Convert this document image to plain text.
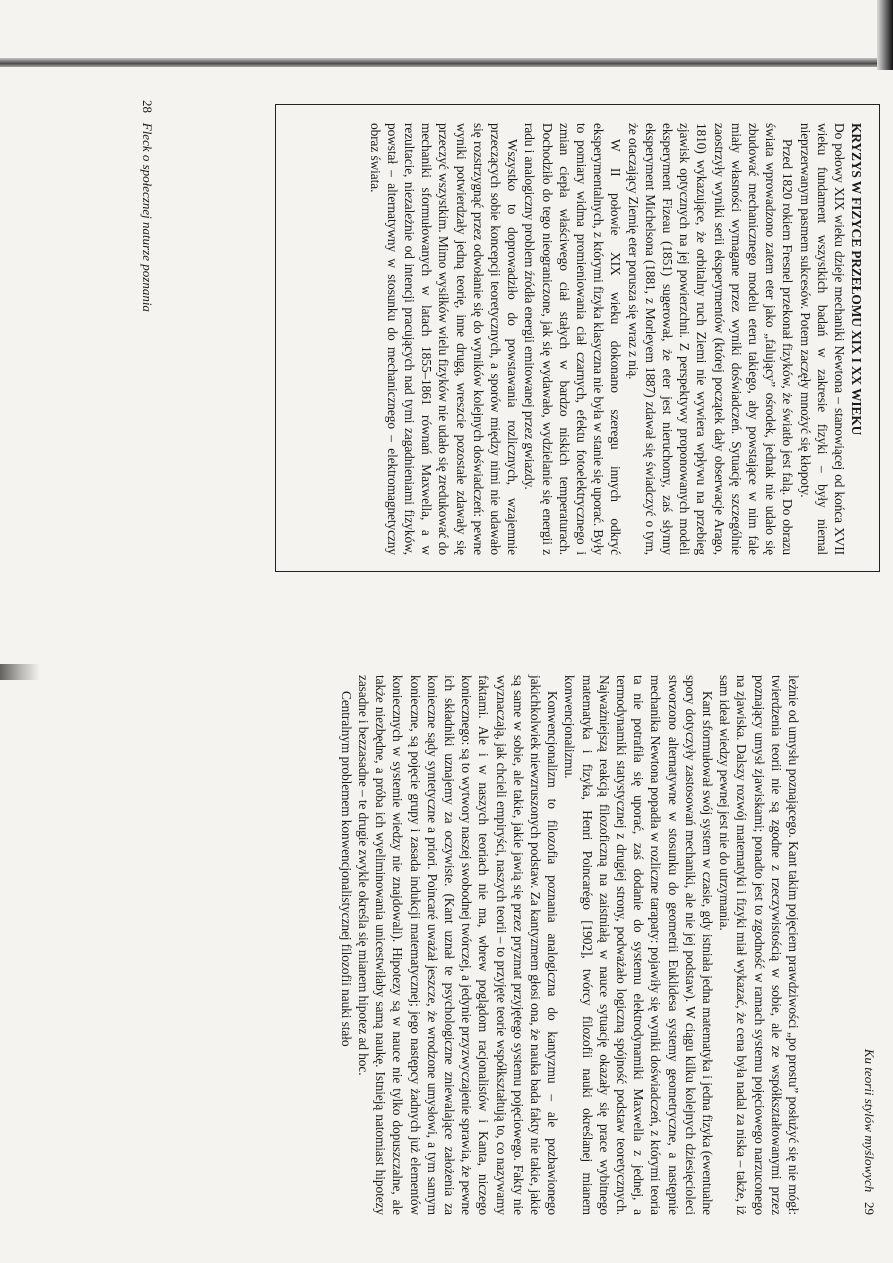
KRYZYS W FIZYCE PRZEŁOMU XIX I XX WIEKU

Do połowy XIX wieku dzieje mechaniki Newtona – stanowiącej od końca XVII wieku fundament wszystkich badań w zakresie fizyki – były niemal nieprzerwanym pasmem sukcesów. Potem zaczęły mnożyć się kłopoty.

Przed 1820 rokiem Fresnel przekonał fizyków, że światło jest falą. Do obrazu świata wprowadzono zatem eter jako „falujący” ośrodek, jednak nie udało się zbudować mechanicznego modelu eteru takiego, aby powstające w nim fale miały własności wymagane przez wyniki doświadczeń. Sytuację szczególnie zaostrzyły wyniki serii eksperymentów (której początek dały obserwacje Arago, 1810) wykazujące, że orbitalny ruch Ziemi nie wywiera wpływu na przebieg zjawisk optycznych na jej powierzchni. Z perspektywy proponowanych modeli eksperyment Fizeau (1851) sugerował, że eter jest nieruchomy, zaś słynny eksperyment Michelsona (1881, z Morleyem 1887) zdawał się świadczyć o tym, że otaczający Ziemię eter porusza się wraz z nią.

W II połowie XIX wieku dokonano szeregu innych odkryć eksperymentalnych, z którymi fizyka klasyczna nie była w stanie się uporać. Były to pomiary widma promieniowania ciał czarnych, efektu fotoelektrycznego i zmian ciepła właściwego ciał stałych w bardzo niskich temperaturach. Dochodziło do tego nieograniczone, jak się wydawało, wydzielanie się energii z radu i analogiczny problem źródła energii emitowanej przez gwiazdy.

Wszystko to doprowadziło do powstawania rozlicznych, wzajemnie przeczących sobie koncepcji teoretycznych, a sporów między nimi nie udawało się rozstrzygnąć przez odwołanie się do wyników kolejnych doświadczeń: pewne wyniki potwierdzały jedną teorię, inne drugą, wreszcie pozostałe zdawały się przeczyć wszystkim. Mimo wysiłków wielu fizyków nie udało się zredukować do mechaniki sformułowanych w latach 1855–1861 równań Maxwella, a w rezultacie, niezależnie od intencji pracujących nad tymi zagadnieniami fizyków, powstał – alternatywny w stosunku do mechanicznego – elektromagnetyczny obraz świata.

28   Fleck o społecznej naturze poznania
Ku teorii stylów myślowych   29

leżnie od umysłu poznającego. Kant takim pojęciem prawdziwości „po prostu” posłużyć się nie mógł: twierdzenia teorii nie są zgodne z rzeczywistością w sobie, ale ze współkształtowanymi przez poznający umysł zjawiskami; ponadto jest to zgodność w ramach systemu pojęciowego narzuconego na zjawiska. Dalszy rozwój matematyki i fizyki miał wykazać, że cena była nadal za niska – także, iż sam ideał wiedzy pewnej jest nie do utrzymania.

Kant sformułował swój system w czasie, gdy istniała jedna matematyka i jedna fizyka (ewentualne spory dotyczyły zastosowań mechaniki, ale nie jej podstaw). W ciągu kilku kolejnych dziesięcioleci stworzono alternatywne w stosunku do geometrii Euklidesa systemy geometryczne, a następnie mechanika Newtona popadła w rozliczne tarapaty: pojawiły się wyniki doświadczeń, z którymi teoria ta nie potrafiła się uporać, zaś dodanie do systemu elektrodynamiki Maxwella z jednej, a termodynamiki statystycznej z drugiej strony, podważało logiczną spójność podstaw teoretycznych. Najważniejszą reakcją filozoficzną na zaistniałą w nauce sytuację okazały się prace wybitnego matematyka i fizyka, Henri Poincarégo [1902], twórcy filozofii nauki określanej mianem konwencjonalizmu.

Konwencjonalizm to filozofia poznania analogiczna do kantyzmu – ale pozbawionego jakichkolwiek niewzruszonych podstaw. Za kantyzmem głosi ona, że nauka bada fakty nie takie, jakie są same w sobie, ale takie, jakie jawią się przez pryzmat przyjętego systemu pojęciowego. Fakty nie wyznaczają, jak chcieli empiryści, naszych teorii – to przyjęte teorie współkształtują to, co nazywamy faktami. Ale i w naszych teoriach nie ma, wbrew poglądom racjonalistów i Kanta, niczego koniecznego: są to wytwory naszej swobodnej twórczej, a jedynie przyzwyczajenie sprawia, że pewne ich składniki uznajemy za oczywiste. (Kant uznał te psychologiczne zniewalające założenia za konieczne sądy syntetyczne a priori. Poincaré uważał jeszcze, że wrodzone umysłowi, a tym samym konieczne, są pojęcie grupy i zasada indukcji matematycznej; jego następcy żadnych już elementów koniecznych w systemie wiedzy nie znajdowali). Hipotezy są w nauce nie tylko dopuszczalne, ale także niezbędne, a próba ich wyeliminowania unicestwiłaby samą naukę. Istnieją natomiast hipotezy zasadne i bezzasadne – te drugie zwykle określa się mianem hipotez ad hoc.

Centralnym problemem konwencjonalistycznej filozofii nauki stało
